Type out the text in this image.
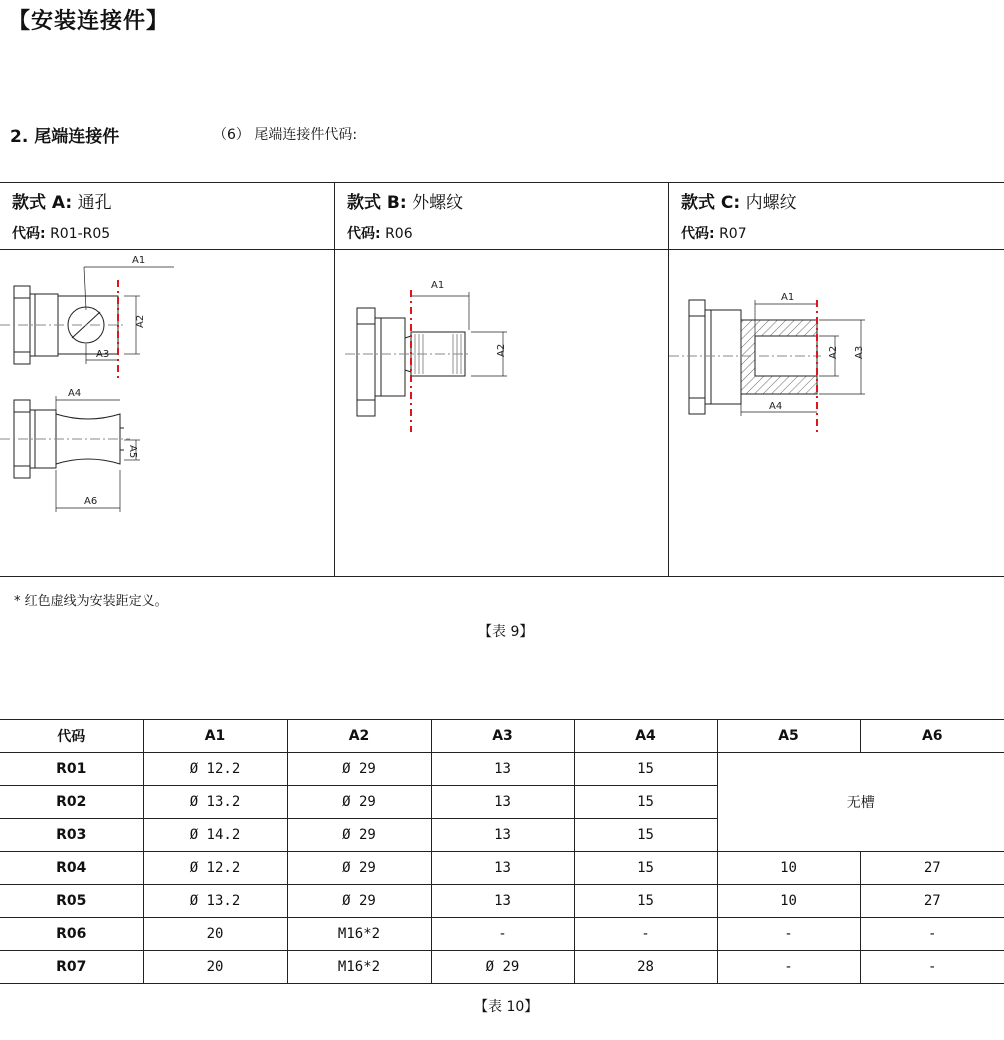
【安装连接件】
2. 尾端连接件	（6） 尾端连接件代码:
款式 A: 通孔
代码: R01-R05
A1
A2
A3
A4
A5
A6
款式 B: 外螺纹
代码: R06
A1
A2
款式 C: 内螺纹
代码: R07
A1
A2 A3
A4
* 红色虚线为安装距定义。
【表 9】
代码	A1	A2	A3	A4	A5	A6
R01	Ø 12.2	Ø 29	13	15	无槽	
R02	Ø 13.2	Ø 29	13	15		
R03	Ø 14.2	Ø 29	13	15		
R04	Ø 12.2	Ø 29	13	15	10	27
R05	Ø 13.2	Ø 29	13	15	10	27
R06	20	M16*2	-	-	-	-
R07	20	M16*2	Ø 29	28	-	-
【表 10】
